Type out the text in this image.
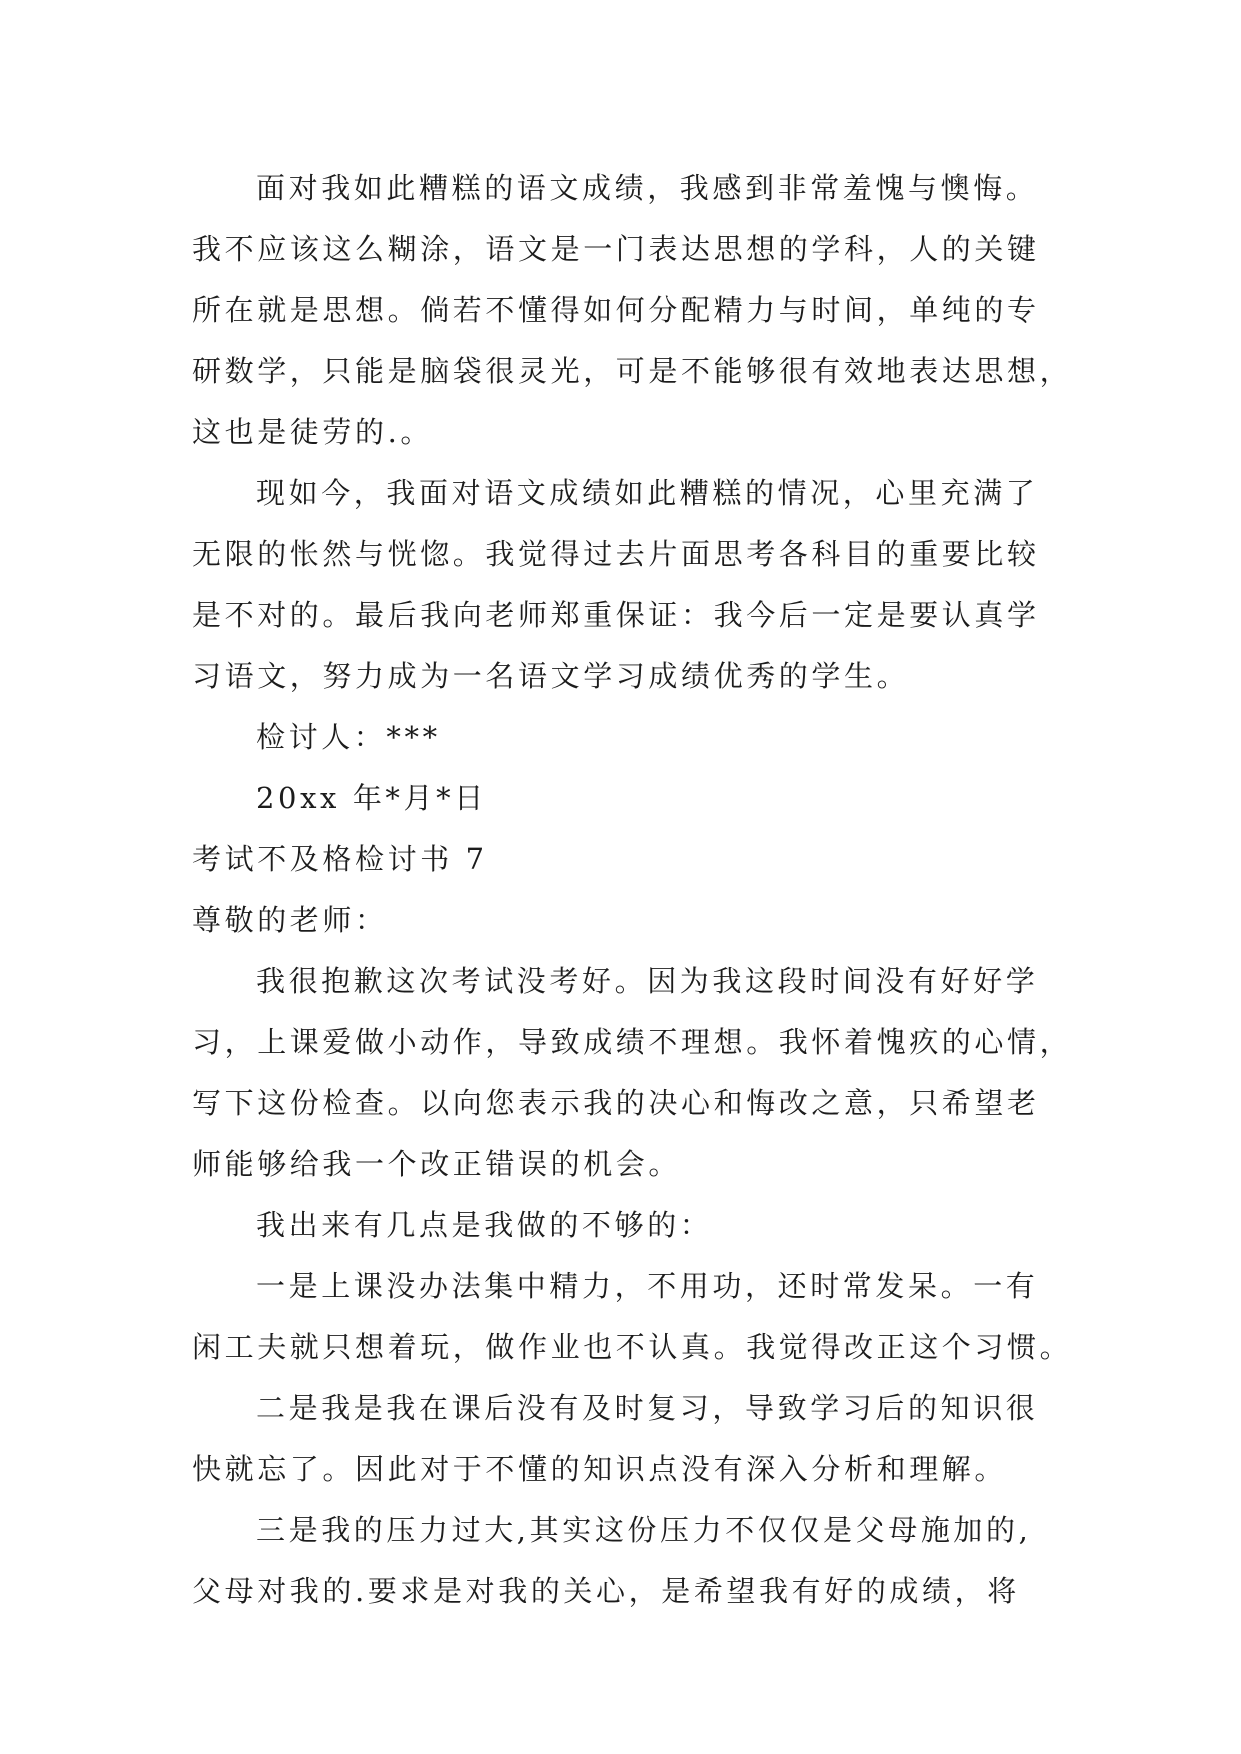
面对我如此糟糕的语文成绩，我感到非常羞愧与懊悔。
我不应该这么糊涂，语文是一门表达思想的学科，人的关键
所在就是思想。倘若不懂得如何分配精力与时间，单纯的专
研数学，只能是脑袋很灵光，可是不能够很有效地表达思想，
这也是徒劳的.。
现如今，我面对语文成绩如此糟糕的情况，心里充满了
无限的怅然与恍惚。我觉得过去片面思考各科目的重要比较
是不对的。最后我向老师郑重保证：我今后一定是要认真学
习语文，努力成为一名语文学习成绩优秀的学生。
检讨人：***
20xx 年*月*日
考试不及格检讨书 7
尊敬的老师：
我很抱歉这次考试没考好。因为我这段时间没有好好学
习，上课爱做小动作，导致成绩不理想。我怀着愧疚的心情，
写下这份检查。以向您表示我的决心和悔改之意，只希望老
师能够给我一个改正错误的机会。
我出来有几点是我做的不够的：
一是上课没办法集中精力，不用功，还时常发呆。一有
闲工夫就只想着玩，做作业也不认真。我觉得改正这个习惯。
二是我是我在课后没有及时复习，导致学习后的知识很
快就忘了。因此对于不懂的知识点没有深入分析和理解。
三是我的压力过大,其实这份压力不仅仅是父母施加的,
父母对我的.要求是对我的关心，是希望我有好的成绩，将
